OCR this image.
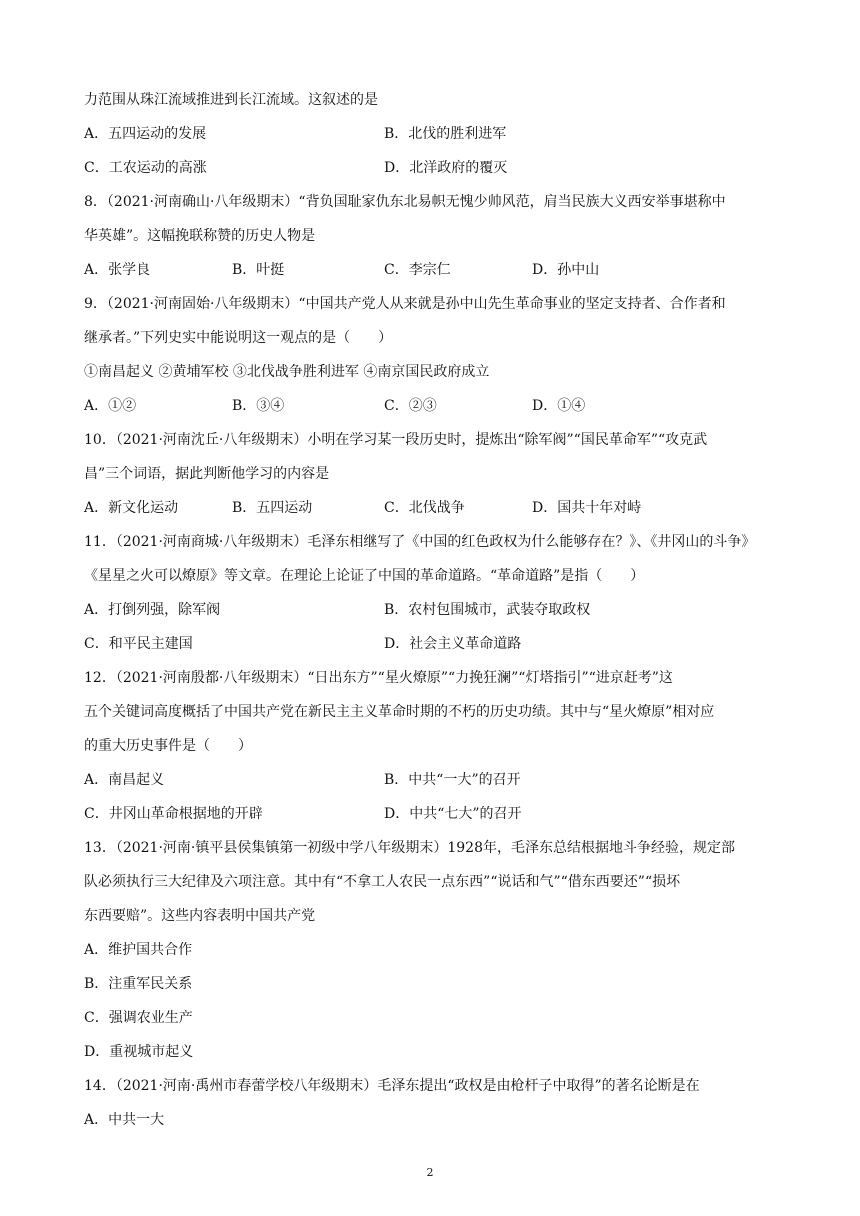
力范围从珠江流域推进到长江流域。这叙述的是
A．五四运动的发展	B．北伐的胜利进军
C．工农运动的高涨	D．北洋政府的覆灭
8．（2021·河南确山·八年级期末）“背负国耻家仇东北易帜无愧少帅风范，肩当民族大义西安举事堪称中
华英雄”。这幅挽联称赞的历史人物是
A．张学良	B．叶挺	C．李宗仁	D．孙中山
9．（2021·河南固始·八年级期末）“中国共产党人从来就是孙中山先生革命事业的坚定支持者、合作者和
继承者。”下列史实中能说明这一观点的是（　　）
①南昌起义 ②黄埔军校 ③北伐战争胜利进军 ④南京国民政府成立
A．①②	B．③④	C．②③	D．①④
10．（2021·河南沈丘·八年级期末）小明在学习某一段历史时，提炼出“除军阀”“国民革命军”“攻克武
昌”三个词语，据此判断他学习的内容是
A．新文化运动	B．五四运动	C．北伐战争	D．国共十年对峙
11．（2021·河南商城·八年级期末）毛泽东相继写了《中国的红色政权为什么能够存在？》、《井冈山的斗争》
《星星之火可以燎原》等文章。在理论上论证了中国的革命道路。“革命道路”是指（　　）
A．打倒列强，除军阀	B．农村包围城市，武装夺取政权
C．和平民主建国	D．社会主义革命道路
12．（2021·河南殷都·八年级期末）“日出东方”“星火燎原”“力挽狂澜”“灯塔指引”“进京赶考”这
五个关键词高度概括了中国共产党在新民主主义革命时期的不朽的历史功绩。其中与“星火燎原”相对应
的重大历史事件是（　　）
A．南昌起义	B．中共“一大”的召开
C．井冈山革命根据地的开辟	D．中共“七大”的召开
13．（2021·河南·镇平县侯集镇第一初级中学八年级期末）1928年，毛泽东总结根据地斗争经验，规定部
队必须执行三大纪律及六项注意。其中有“不拿工人农民一点东西”“说话和气”“借东西要还”“损坏
东西要赔”。这些内容表明中国共产党
A．维护国共合作
B．注重军民关系
C．强调农业生产
D．重视城市起义
14．（2021·河南·禹州市春蕾学校八年级期末）毛泽东提出“政权是由枪杆子中取得”的著名论断是在
A．中共一大
2
